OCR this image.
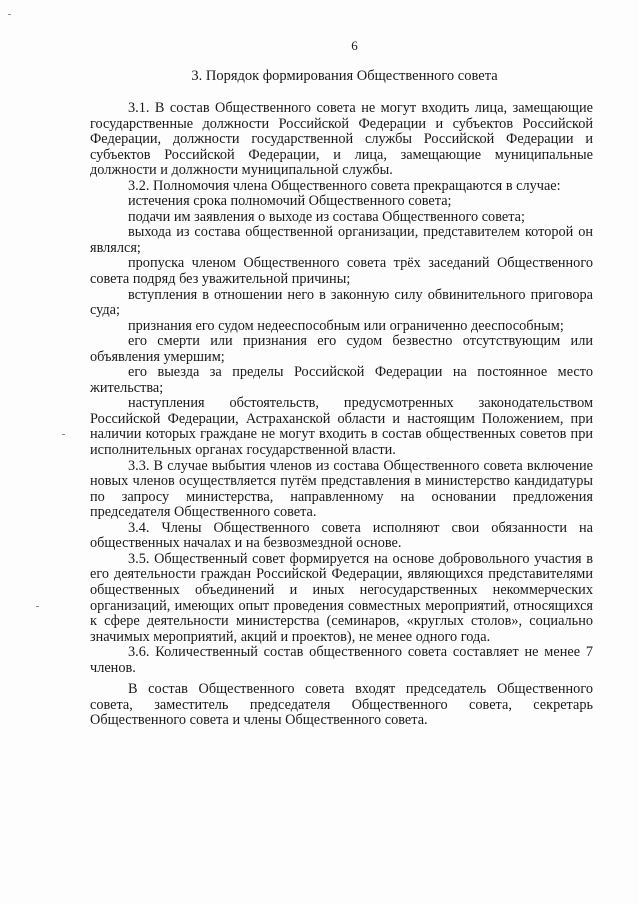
6
3. Порядок формирования Общественного совета

3.1. В состав Общественного совета не могут входить лица, замещающие государственные должности Российской Федерации и субъектов Российской Федерации, должности государственной службы Российской Федерации и субъектов Российской Федерации, и лица, замещающие муниципальные должности и должности муниципальной службы.

3.2. Полномочия члена Общественного совета прекращаются в случае:

истечения срока полномочий Общественного совета;

подачи им заявления о выходе из состава Общественного совета;

выхода из состава общественной организации, представителем которой он являлся;

пропуска членом Общественного совета трёх заседаний Общественного совета подряд без уважительной причины;

вступления в отношении него в законную силу обвинительного приговора суда;

признания его судом недееспособным или ограниченно дееспособным;

его смерти или признания его судом безвестно отсутствующим или объявления умершим;

его выезда за пределы Российской Федерации на постоянное место жительства;

наступления обстоятельств, предусмотренных законодательством Российской Федерации, Астраханской области и настоящим Положением, при наличии которых граждане не могут входить в состав общественных советов при исполнительных органах государственной власти.

3.3. В случае выбытия членов из состава Общественного совета включение новых членов осуществляется путём представления в министерство кандидатуры по запросу министерства, направленному на основании предложения председателя Общественного совета.

3.4. Члены Общественного совета исполняют свои обязанности на общественных началах и на безвозмездной основе.

3.5. Общественный совет формируется на основе добровольного участия в его деятельности граждан Российской Федерации, являющихся представителями общественных объединений и иных негосударственных некоммерческих организаций, имеющих опыт проведения совместных мероприятий, относящихся к сфере деятельности министерства (семинаров, «круглых столов», социально значимых мероприятий, акций и проектов), не менее одного года.

3.6. Количественный состав общественного совета составляет не менее 7 членов.

В состав Общественного совета входят председатель Общественного совета, заместитель председателя Общественного совета, секретарь Общественного совета и члены Общественного совета.
